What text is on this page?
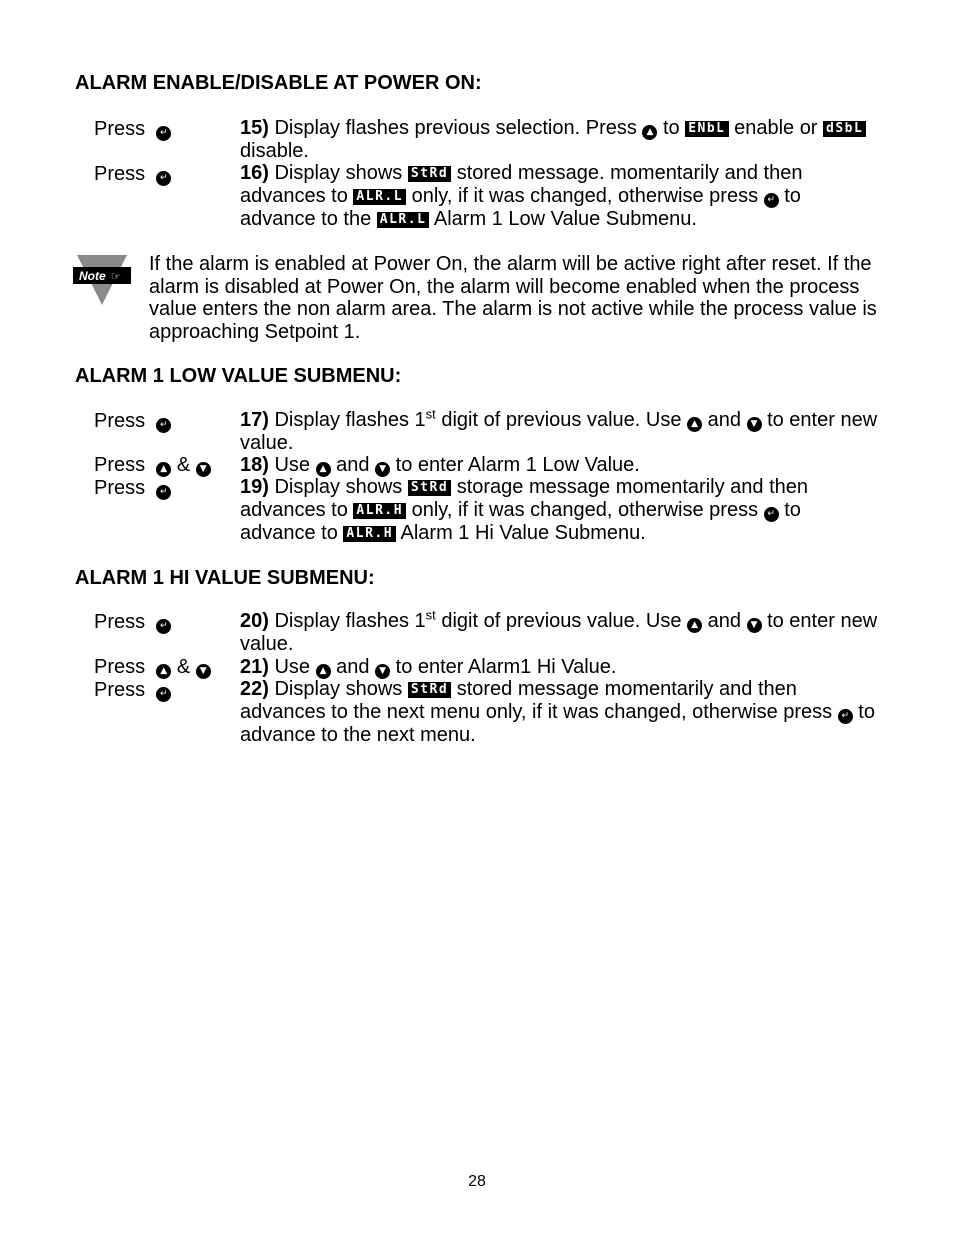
ALARM ENABLE/DISABLE AT POWER ON:
Press ↵	15) Display flashes previous selection. Press ▲ to ENbL enable or dSbL disable.
Press ↵	16) Display shows StRd stored message. momentarily and then advances to ALR.L only, if it was changed, otherwise press ↵ to advance to the ALR.L Alarm 1 Low Value Submenu.
Note ☞
If the alarm is enabled at Power On, the alarm will be active right after reset. If the alarm is disabled at Power On, the alarm will become enabled when the process value enters the non alarm area. The alarm is not active while the process value is approaching Setpoint 1.
ALARM 1 LOW VALUE SUBMENU:
Press ↵	17) Display flashes 1st digit of previous value. Use ▲ and ▼ to enter new value.
Press ▲ & ▼ 18) Use ▲ and ▼ to enter Alarm 1 Low Value.
Press ↵	19) Display shows StRd storage message momentarily and then advances to ALR.H only, if it was changed, otherwise press ↵ to advance to ALR.H Alarm 1 Hi Value Submenu.
ALARM 1 HI VALUE SUBMENU:
Press ↵	20) Display flashes 1st digit of previous value. Use ▲ and ▼ to enter new value.
Press ▲ & ▼ 21) Use ▲ and ▼ to enter Alarm1 Hi Value.
Press ↵	22) Display shows StRd stored message momentarily and then advances to the next menu only, if it was changed, otherwise press ↵ to advance to the next menu.
28
